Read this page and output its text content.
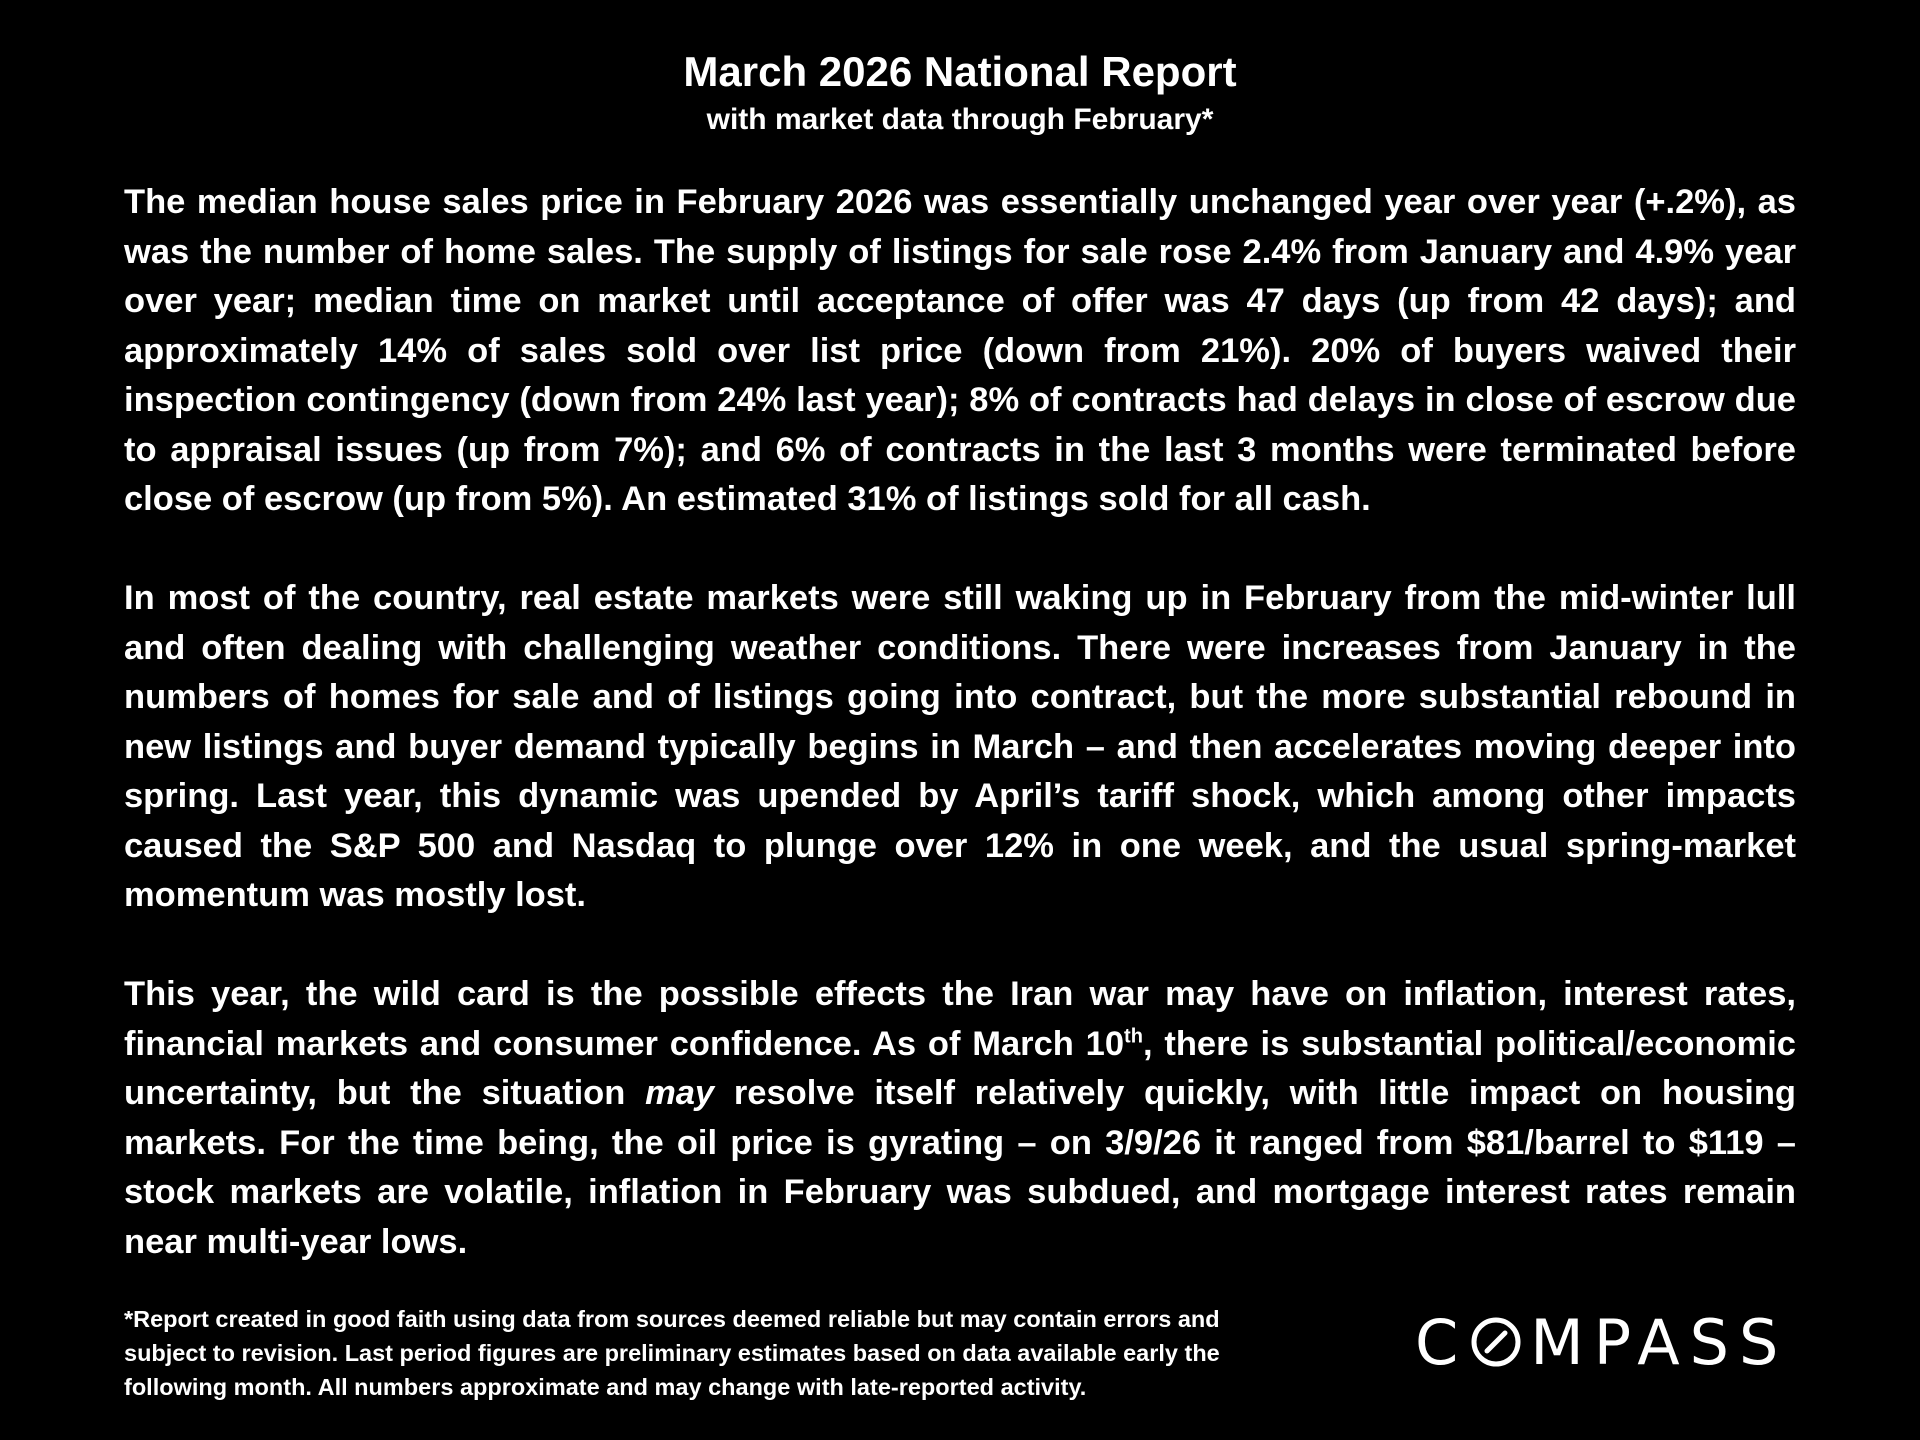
March 2026 National Report
with market data through February*

The median house sales price in February 2026 was essentially unchanged year over year (+.2%), as was the number of home sales. The supply of listings for sale rose 2.4% from January and 4.9% year over year; median time on market until acceptance of offer was 47 days (up from 42 days); and approximately 14% of sales sold over list price (down from 21%). 20% of buyers waived their inspection contingency (down from 24% last year); 8% of contracts had delays in close of escrow due to appraisal issues (up from 7%); and 6% of contracts in the last 3 months were terminated before close of escrow (up from 5%). An estimated 31% of listings sold for all cash.

In most of the country, real estate markets were still waking up in February from the mid-winter lull and often dealing with challenging weather conditions. There were increases from January in the numbers of homes for sale and of listings going into contract, but the more substantial rebound in new listings and buyer demand typically begins in March – and then accelerates moving deeper into spring. Last year, this dynamic was upended by April’s tariff shock, which among other impacts caused the S&P 500 and Nasdaq to plunge over 12% in one week, and the usual spring-market momentum was mostly lost.

This year, the wild card is the possible effects the Iran war may have on inflation, interest rates, financial markets and consumer confidence. As of March 10th, there is substantial political/economic uncertainty, but the situation may resolve itself relatively quickly, with little impact on housing markets. For the time being, the oil price is gyrating – on 3/9/26 it ranged from $81/barrel to $119 – stock markets are volatile, inflation in February was subdued, and mortgage interest rates remain near multi-year lows.

*Report created in good faith using data from sources deemed reliable but may contain errors and
subject to revision. Last period figures are preliminary estimates based on data available early the
following month. All numbers approximate and may change with late-reported activity.
C MPASS
